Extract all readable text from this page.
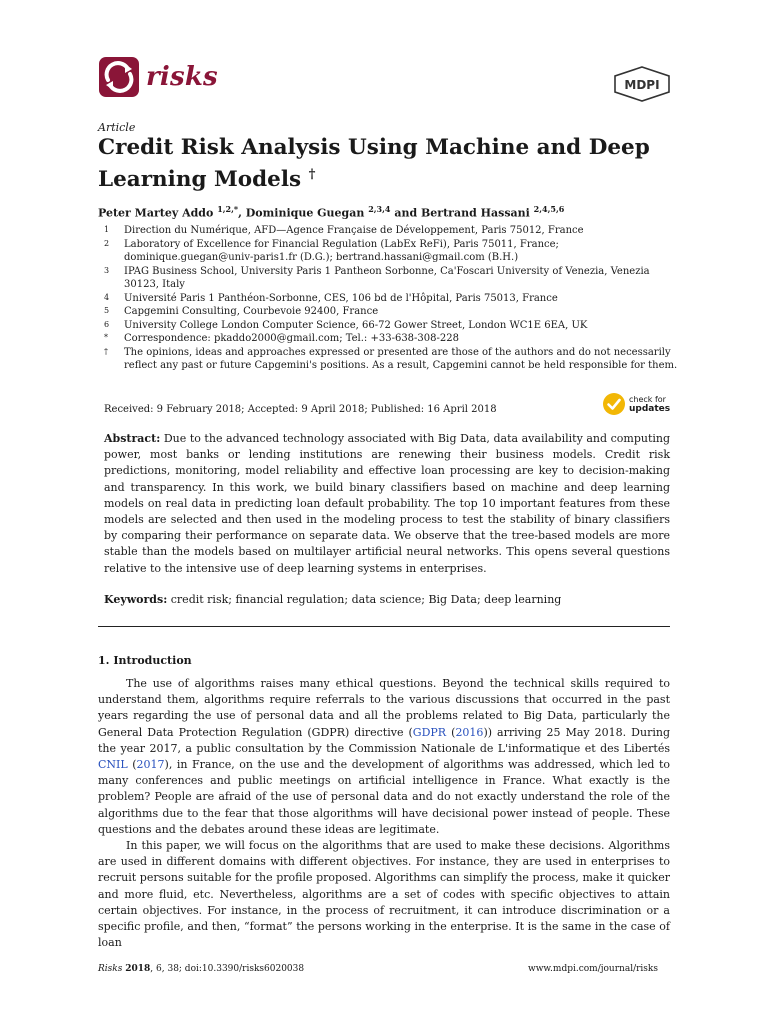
risks	MDPI
Article
Credit Risk Analysis Using Machine and Deep Learning Models †
Peter Martey Addo $^{1,2,*}$, Dominique Guegan $^{2,3,4}$ and Bertrand Hassani $^{2,4,5,6}$
1	Direction du Numérique, AFD—Agence Française de Développement, Paris 75012, France
2	Laboratory of Excellence for Financial Regulation (LabEx ReFi), Paris 75011, France; dominique.guegan@univ-paris1.fr (D.G.); bertrand.hassani@gmail.com (B.H.)
3	IPAG Business School, University Paris 1 Pantheon Sorbonne, Ca'Foscari University of Venezia, Venezia 30123, Italy
4	Université Paris 1 Panthéon-Sorbonne, CES, 106 bd de l'Hôpital, Paris 75013, France
5	Capgemini Consulting, Courbevoie 92400, France
6	University College London Computer Science, 66-72 Gower Street, London WC1E 6EA, UK
*	Correspondence: pkaddo2000@gmail.com; Tel.: +33-638-308-228
†	The opinions, ideas and approaches expressed or presented are those of the authors and do not necessarily reflect any past or future Capgemini's positions. As a result, Capgemini cannot be held responsible for them.
Received: 9 February 2018; Accepted: 9 April 2018; Published: 16 April 2018
check for
updates

Abstract: Due to the advanced technology associated with Big Data, data availability and computing power, most banks or lending institutions are renewing their business models. Credit risk predictions, monitoring, model reliability and effective loan processing are key to decision-making and transparency. In this work, we build binary classifiers based on machine and deep learning models on real data in predicting loan default probability. The top 10 important features from these models are selected and then used in the modeling process to test the stability of binary classifiers by comparing their performance on separate data. We observe that the tree-based models are more stable than the models based on multilayer artificial neural networks. This opens several questions relative to the intensive use of deep learning systems in enterprises.

Keywords: credit risk; financial regulation; data science; Big Data; deep learning
1. Introduction

The use of algorithms raises many ethical questions. Beyond the technical skills required to understand them, algorithms require referrals to the various discussions that occurred in the past years regarding the use of personal data and all the problems related to Big Data, particularly the General Data Protection Regulation (GDPR) directive (GDPR (2016)) arriving 25 May 2018. During the year 2017, a public consultation by the Commission Nationale de L'informatique et des Libertés CNIL (2017), in France, on the use and the development of algorithms was addressed, which led to many conferences and public meetings on artificial intelligence in France. What exactly is the problem? People are afraid of the use of personal data and do not exactly understand the role of the algorithms due to the fear that those algorithms will have decisional power instead of people. These questions and the debates around these ideas are legitimate.

In this paper, we will focus on the algorithms that are used to make these decisions. Algorithms are used in different domains with different objectives. For instance, they are used in enterprises to recruit persons suitable for the profile proposed. Algorithms can simplify the process, make it quicker and more fluid, etc. Nevertheless, algorithms are a set of codes with specific objectives to attain certain objectives. For instance, in the process of recruitment, it can introduce discrimination or a specific profile, and then, “format” the persons working in the enterprise. It is the same in the case of loan

Risks 2018, 6, 38; doi:10.3390/risks6020038	www.mdpi.com/journal/risks
